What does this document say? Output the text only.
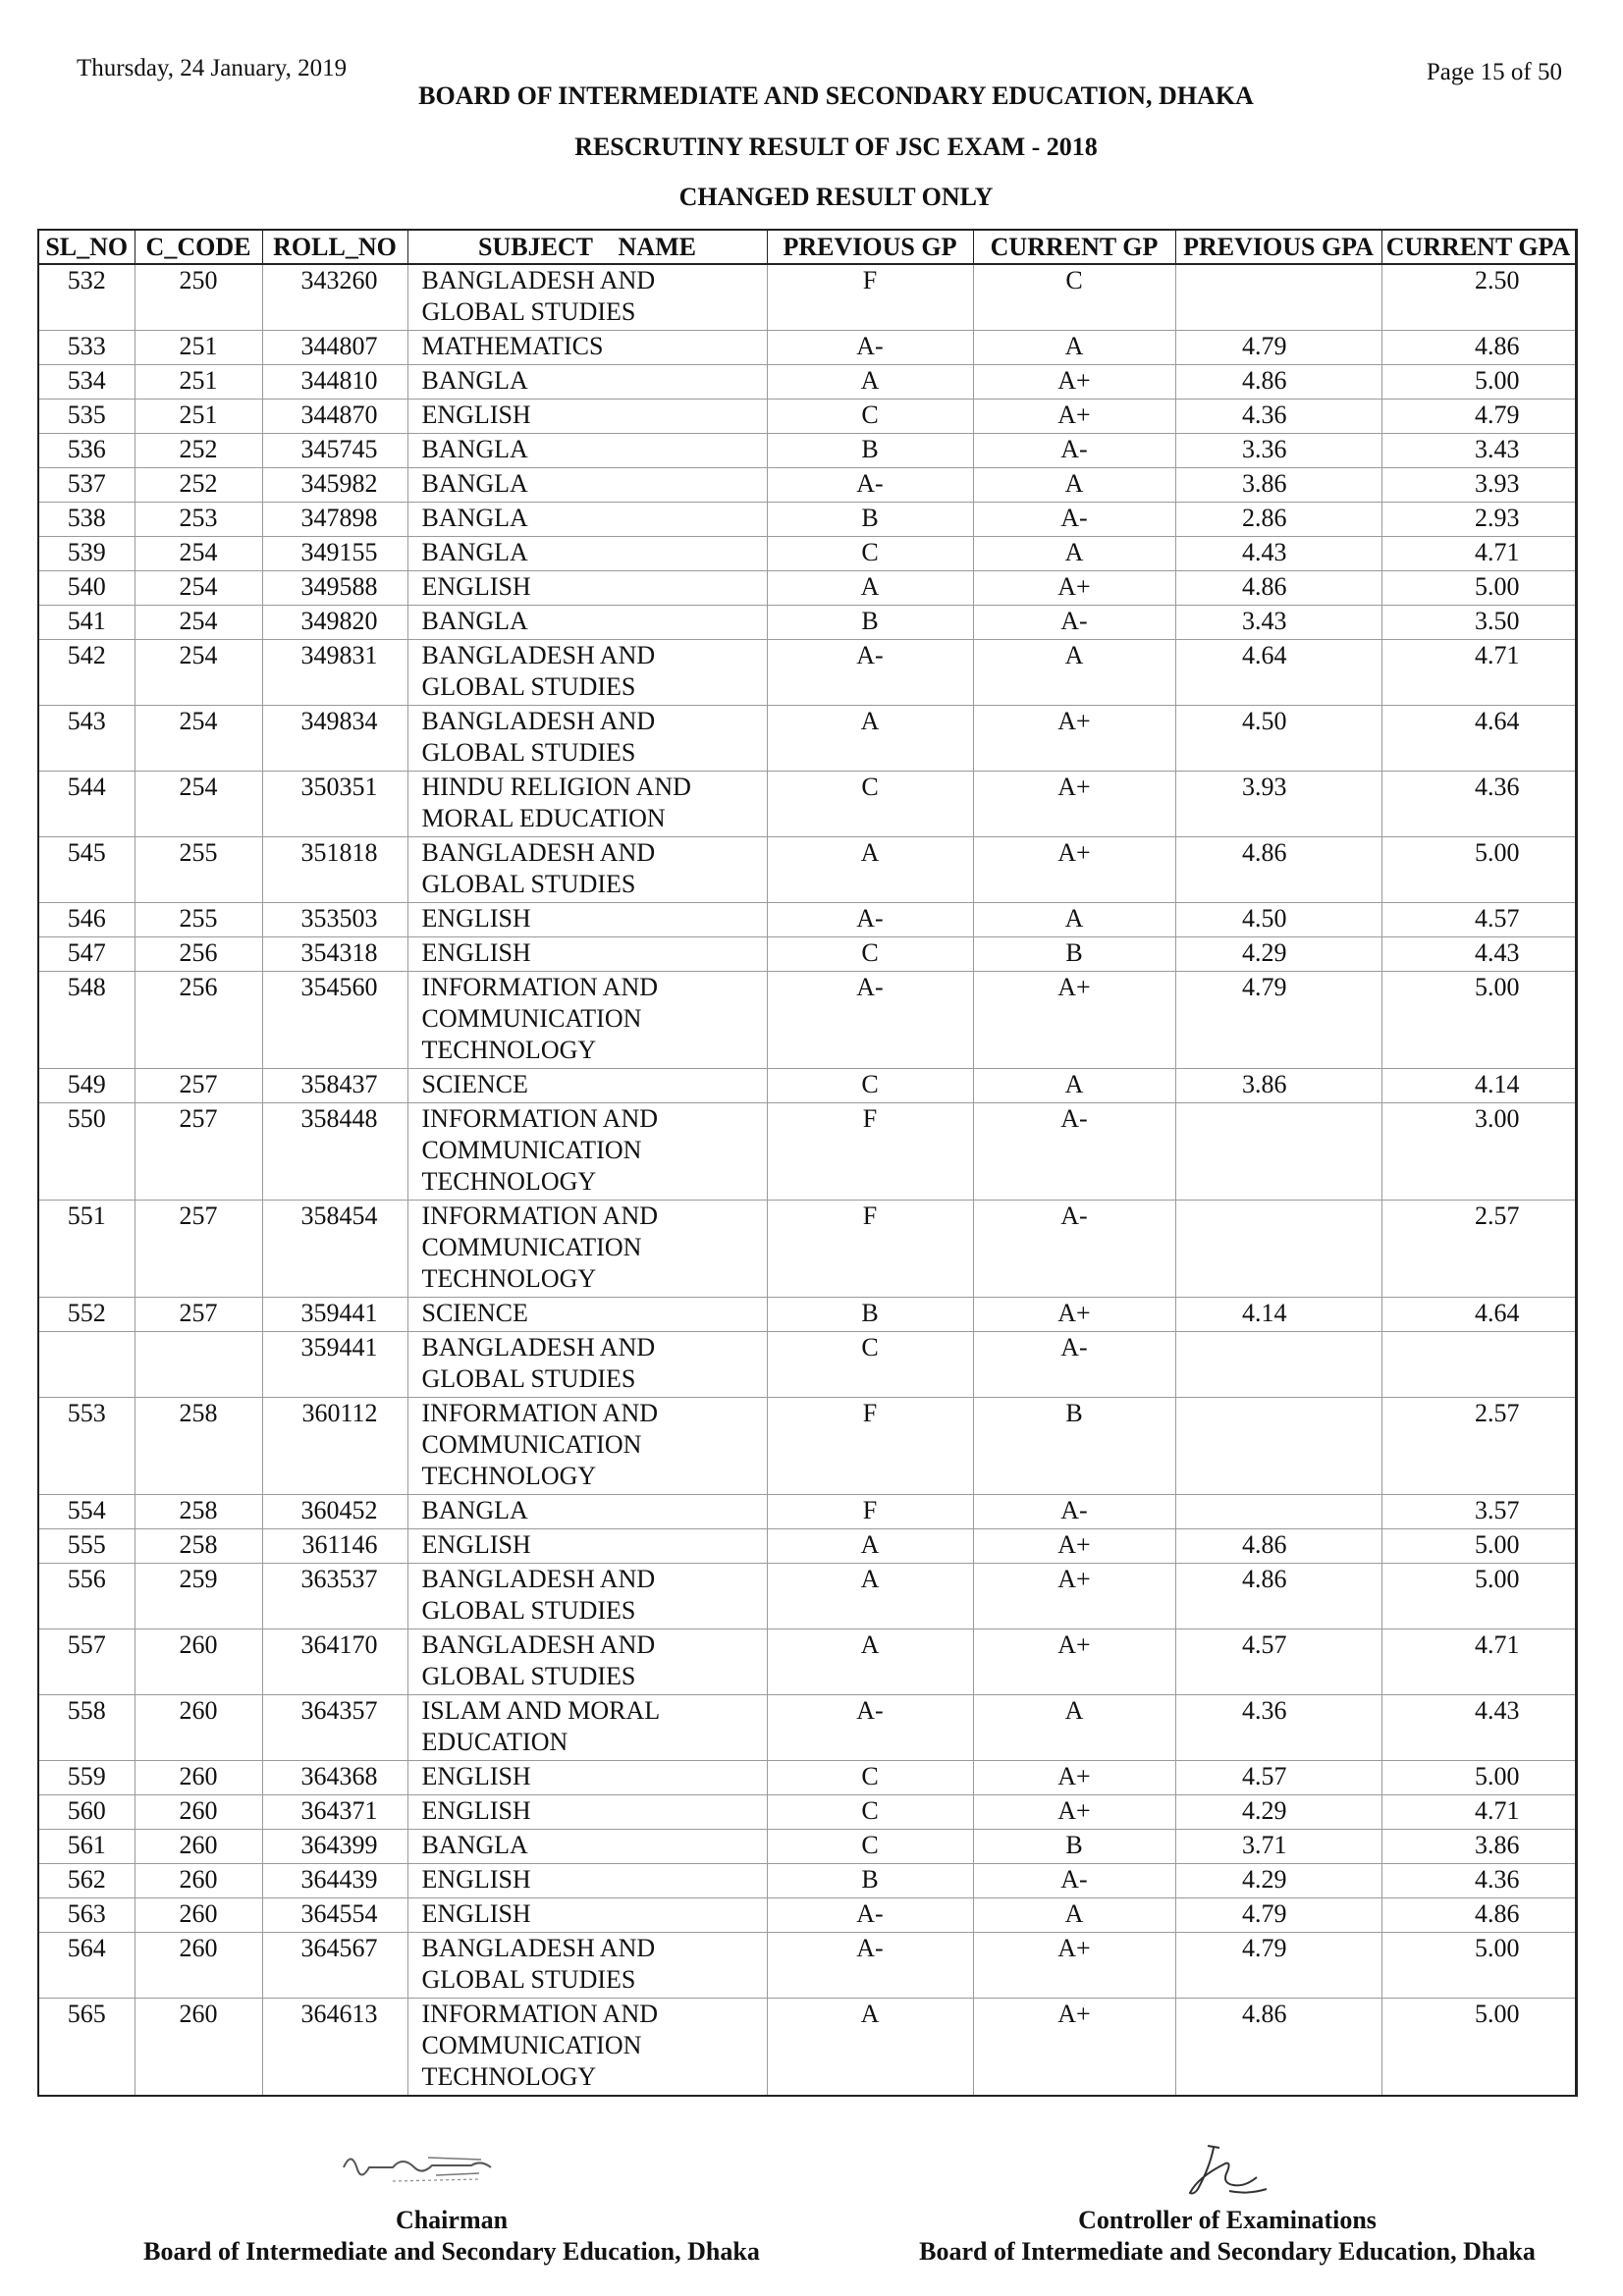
Thursday, 24 January, 2019	Page 15 of 50
BOARD OF INTERMEDIATE AND SECONDARY EDUCATION, DHAKA
RESCRUTINY RESULT OF JSC EXAM - 2018
CHANGED RESULT ONLY
SL_NO	C_CODE	ROLL_NO	SUBJECT    NAME	PREVIOUS GP	CURRENT GP	PREVIOUS GPA	CURRENT GPA
532	250	343260	BANGLADESH AND GLOBAL STUDIES	F	C		2.50
533	251	344807	MATHEMATICS	A-	A	4.79	4.86
534	251	344810	BANGLA	A	A+	4.86	5.00
535	251	344870	ENGLISH	C	A+	4.36	4.79
536	252	345745	BANGLA	B	A-	3.36	3.43
537	252	345982	BANGLA	A-	A	3.86	3.93
538	253	347898	BANGLA	B	A-	2.86	2.93
539	254	349155	BANGLA	C	A	4.43	4.71
540	254	349588	ENGLISH	A	A+	4.86	5.00
541	254	349820	BANGLA	B	A-	3.43	3.50
542	254	349831	BANGLADESH AND GLOBAL STUDIES	A-	A	4.64	4.71
543	254	349834	BANGLADESH AND GLOBAL STUDIES	A	A+	4.50	4.64
544	254	350351	HINDU RELIGION AND MORAL EDUCATION	C	A+	3.93	4.36
545	255	351818	BANGLADESH AND GLOBAL STUDIES	A	A+	4.86	5.00
546	255	353503	ENGLISH	A-	A	4.50	4.57
547	256	354318	ENGLISH	C	B	4.29	4.43
548	256	354560	INFORMATION AND COMMUNICATION TECHNOLOGY	A-	A+	4.79	5.00
549	257	358437	SCIENCE	C	A	3.86	4.14
550	257	358448	INFORMATION AND COMMUNICATION TECHNOLOGY	F	A-		3.00
551	257	358454	INFORMATION AND COMMUNICATION TECHNOLOGY	F	A-		2.57
552	257	359441	SCIENCE	B	A+	4.14	4.64
		359441	BANGLADESH AND GLOBAL STUDIES	C	A-		
553	258	360112	INFORMATION AND COMMUNICATION TECHNOLOGY	F	B		2.57
554	258	360452	BANGLA	F	A-		3.57
555	258	361146	ENGLISH	A	A+	4.86	5.00
556	259	363537	BANGLADESH AND GLOBAL STUDIES	A	A+	4.86	5.00
557	260	364170	BANGLADESH AND GLOBAL STUDIES	A	A+	4.57	4.71
558	260	364357	ISLAM AND MORAL EDUCATION	A-	A	4.36	4.43
559	260	364368	ENGLISH	C	A+	4.57	5.00
560	260	364371	ENGLISH	C	A+	4.29	4.71
561	260	364399	BANGLA	C	B	3.71	3.86
562	260	364439	ENGLISH	B	A-	4.29	4.36
563	260	364554	ENGLISH	A-	A	4.79	4.86
564	260	364567	BANGLADESH AND GLOBAL STUDIES	A-	A+	4.79	5.00
565	260	364613	INFORMATION AND COMMUNICATION TECHNOLOGY	A	A+	4.86	5.00
Chairman
Board of Intermediate and Secondary Education, Dhaka
Controller of Examinations
Board of Intermediate and Secondary Education, Dhaka
